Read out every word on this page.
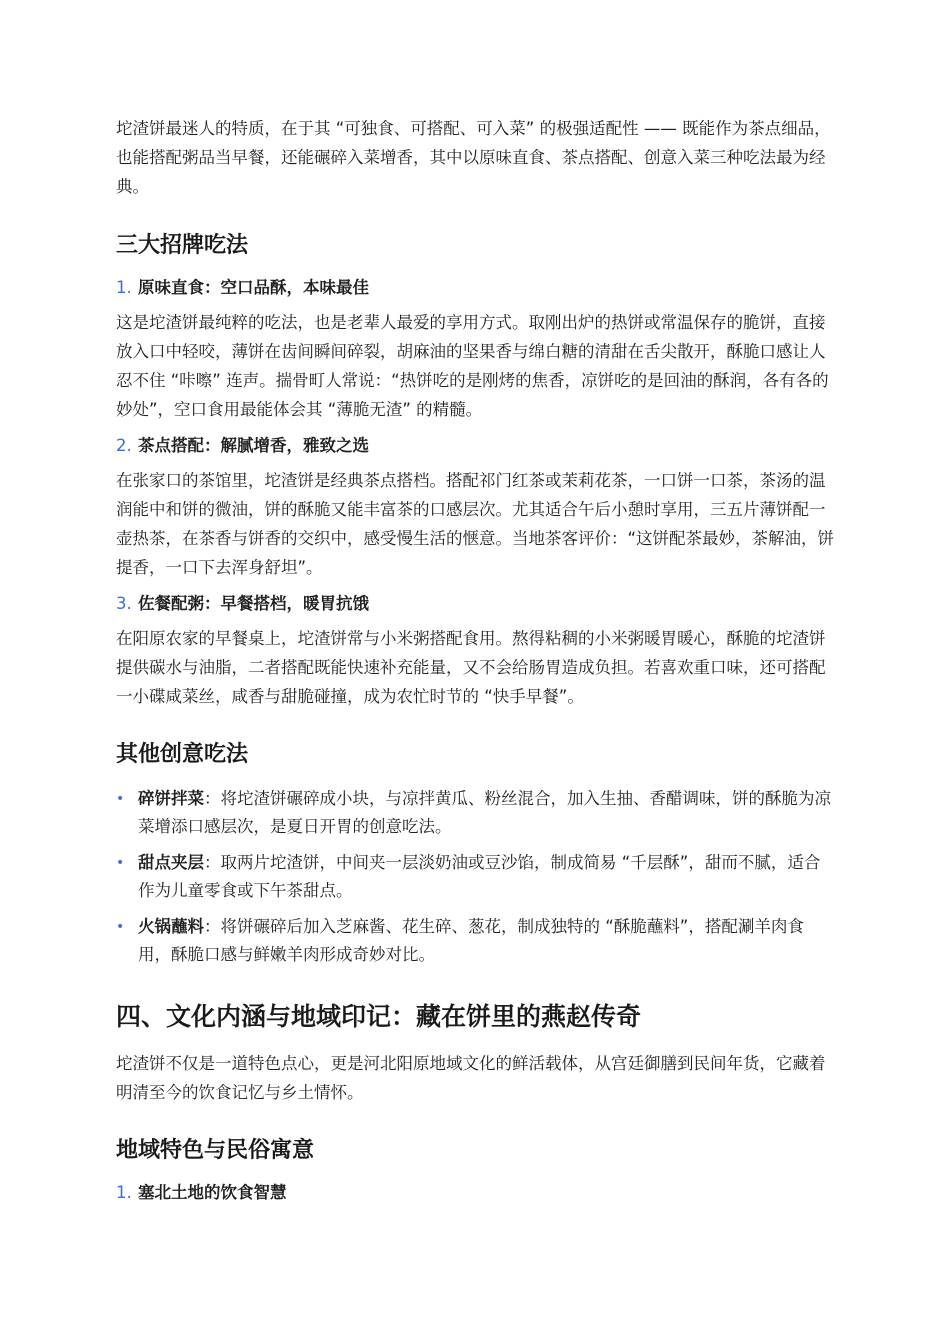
坨渣饼最迷人的特质，在于其 “可独食、可搭配、可入菜” 的极强适配性 —— 既能作为茶点细品，也能搭配粥品当早餐，还能碾碎入菜增香，其中以原味直食、茶点搭配、创意入菜三种吃法最为经典。

三大招牌吃法
1. 原味直食：空口品酥，本味最佳

这是坨渣饼最纯粹的吃法，也是老辈人最爱的享用方式。取刚出炉的热饼或常温保存的脆饼，直接放入口中轻咬，薄饼在齿间瞬间碎裂，胡麻油的坚果香与绵白糖的清甜在舌尖散开，酥脆口感让人忍不住 “咔嚓” 连声。揣骨町人常说：“热饼吃的是刚烤的焦香，凉饼吃的是回油的酥润，各有各的妙处”，空口食用最能体会其 “薄脆无渣” 的精髓。

2. 茶点搭配：解腻增香，雅致之选

在张家口的茶馆里，坨渣饼是经典茶点搭档。搭配祁门红茶或茉莉花茶，一口饼一口茶，茶汤的温润能中和饼的微油，饼的酥脆又能丰富茶的口感层次。尤其适合午后小憩时享用，三五片薄饼配一壶热茶，在茶香与饼香的交织中，感受慢生活的惬意。当地茶客评价：“这饼配茶最妙，茶解油，饼提香，一口下去浑身舒坦”。

3. 佐餐配粥：早餐搭档，暖胃抗饿

在阳原农家的早餐桌上，坨渣饼常与小米粥搭配食用。熬得粘稠的小米粥暖胃暖心，酥脆的坨渣饼提供碳水与油脂，二者搭配既能快速补充能量，又不会给肠胃造成负担。若喜欢重口味，还可搭配一小碟咸菜丝，咸香与甜脆碰撞，成为农忙时节的 “快手早餐”。

其他创意吃法
• 碎饼拌菜：将坨渣饼碾碎成小块，与凉拌黄瓜、粉丝混合，加入生抽、香醋调味，饼的酥脆为凉菜增添口感层次，是夏日开胃的创意吃法。
• 甜点夹层：取两片坨渣饼，中间夹一层淡奶油或豆沙馅，制成简易 “千层酥”，甜而不腻，适合作为儿童零食或下午茶甜点。
• 火锅蘸料：将饼碾碎后加入芝麻酱、花生碎、葱花，制成独特的 “酥脆蘸料”，搭配涮羊肉食用，酥脆口感与鲜嫩羊肉形成奇妙对比。
四、文化内涵与地域印记：藏在饼里的燕赵传奇

坨渣饼不仅是一道特色点心，更是河北阳原地域文化的鲜活载体，从宫廷御膳到民间年货，它藏着明清至今的饮食记忆与乡土情怀。

地域特色与民俗寓意
1. 塞北土地的饮食智慧
